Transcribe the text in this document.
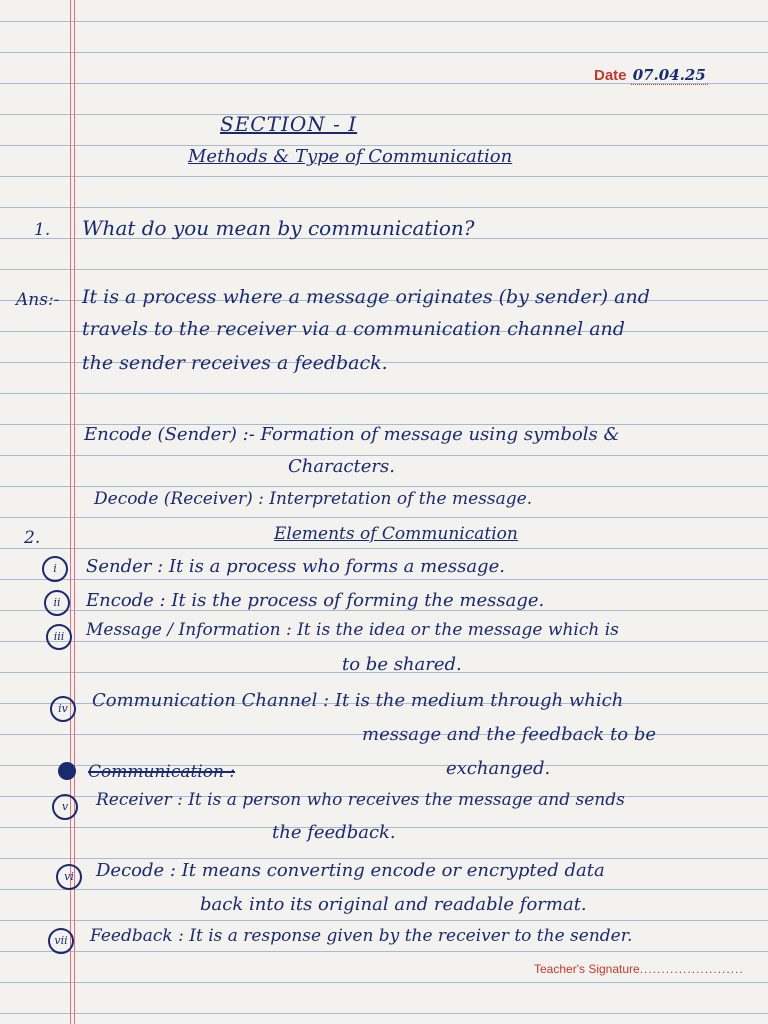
Date 07.04.25
SECTION - I
Methods & Type of Communication
1. What do you mean by communication?
Ans:- It is a process where a message originates (by sender) and
travels to the receiver via a communication channel and
the sender receives a feedback.
Encode (Sender) :- Formation of message using symbols &
Characters.
Decode (Receiver) : Interpretation of the message.
2.	Elements of Communication
i	Sender : It is a process who forms a message.
ii	Encode : It is the process of forming the message.
iii	Message / Information : It is the idea or the message which is
to be shared.
iv	Communication Channel : It is the medium through which
message and the feedback to be
exchanged.
Communication :
v	Receiver : It is a person who receives the message and sends
the feedback.
vi	Decode : It means converting encode or encrypted data
back into its original and readable format.
vii	Feedback : It is a response given by the receiver to the sender.
Teacher's Signature........................
